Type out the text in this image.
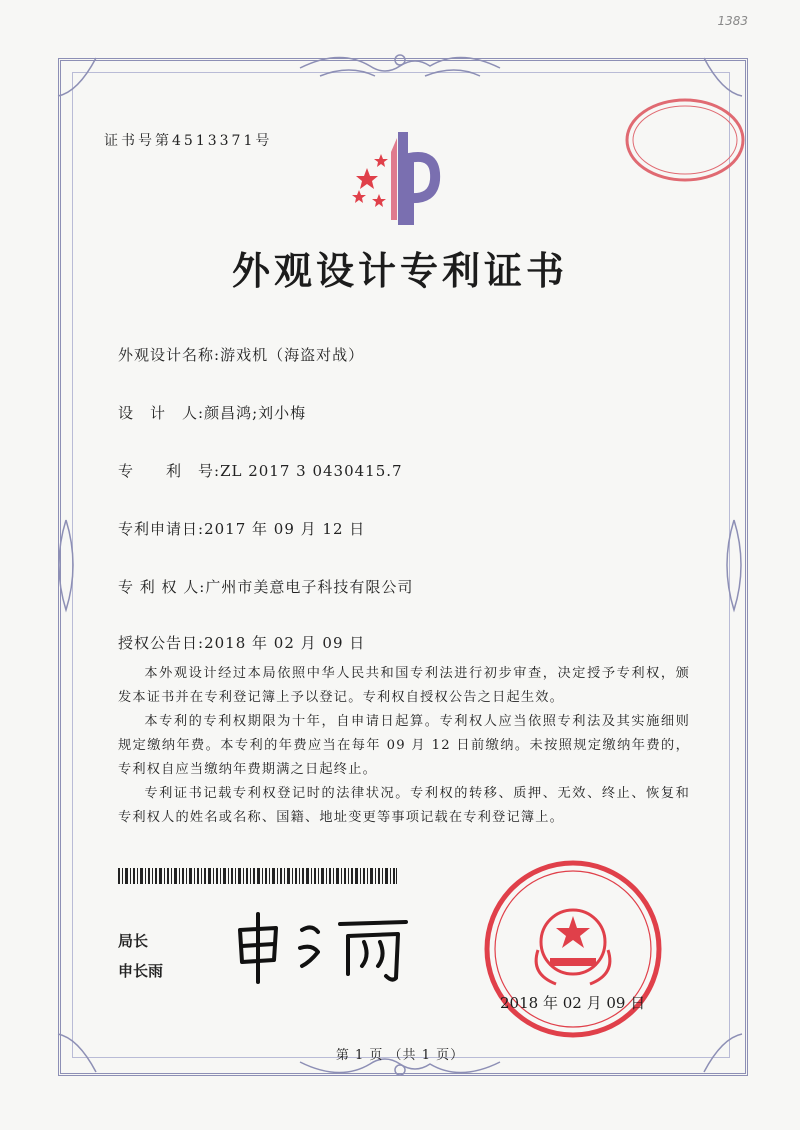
1383
证书号第4513371号
外观设计专利证书
外观设计名称:游戏机（海盗对战）
设　计　人:颜昌鸿;刘小梅
专　　利　号:ZL 2017 3 0430415.7
专利申请日:2017 年 09 月 12 日
专 利 权 人:广州市美意电子科技有限公司
授权公告日:2018 年 02 月 09 日

本外观设计经过本局依照中华人民共和国专利法进行初步审查，决定授予专利权，颁发本证书并在专利登记簿上予以登记。专利权自授权公告之日起生效。

本专利的专利权期限为十年，自申请日起算。专利权人应当依照专利法及其实施细则规定缴纳年费。本专利的年费应当在每年 09 月 12 日前缴纳。未按照规定缴纳年费的，专利权自应当缴纳年费期满之日起终止。

专利证书记载专利权登记时的法律状况。专利权的转移、质押、无效、终止、恢复和专利权人的姓名或名称、国籍、地址变更等事项记载在专利登记簿上。

局长
申长雨
2018 年 02 月 09 日
第 1 页 （共 1 页）
